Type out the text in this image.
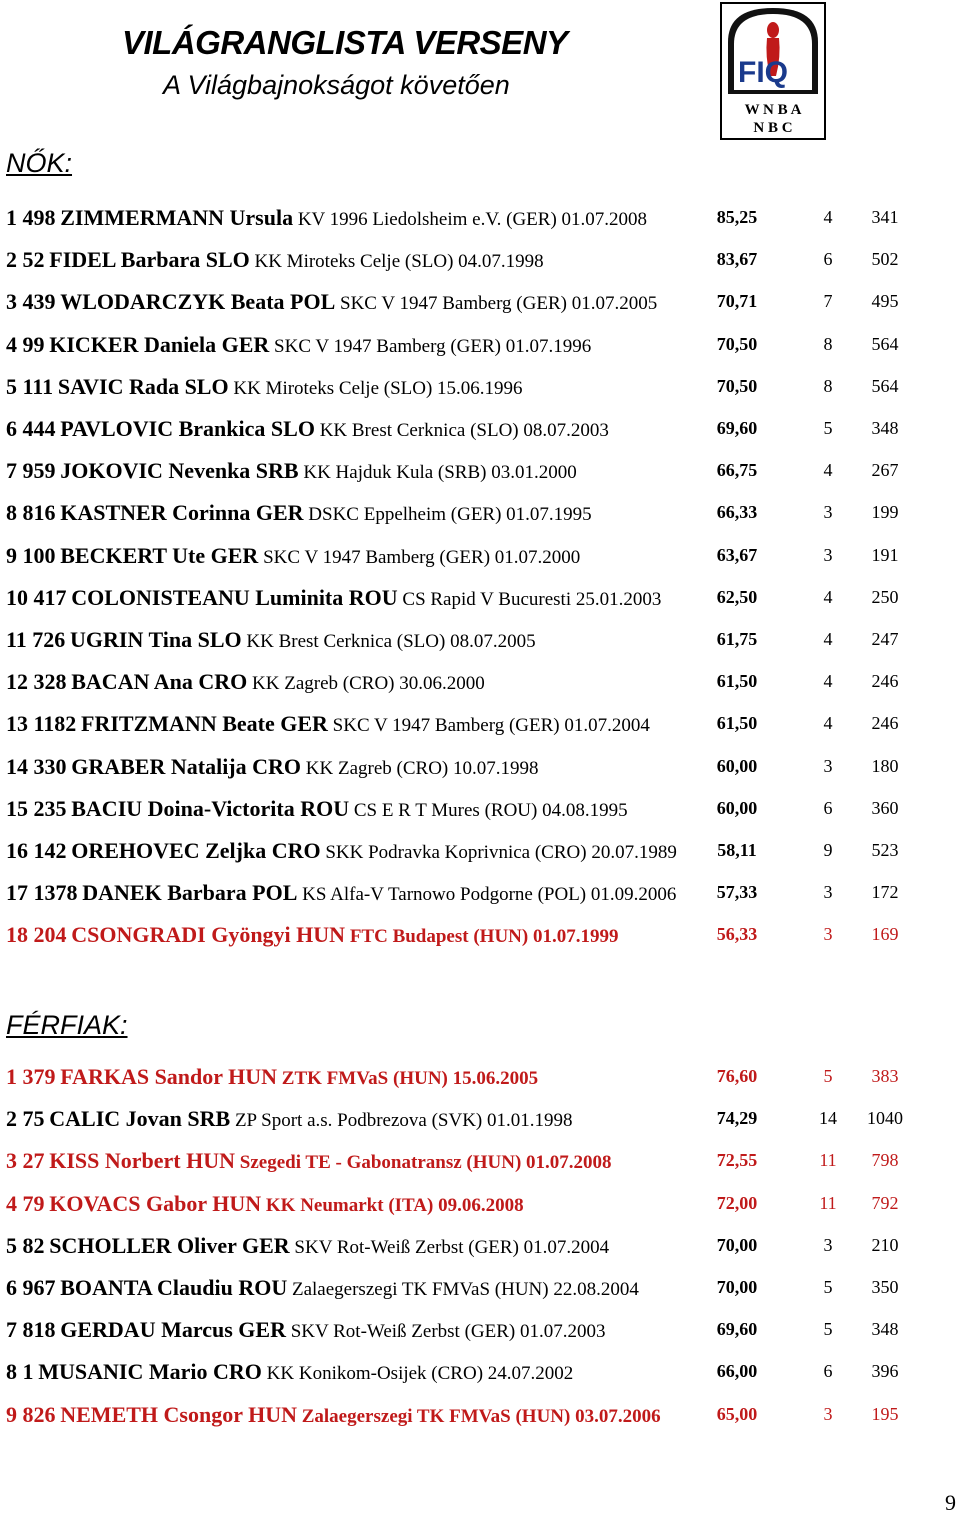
VILÁGRANGLISTA VERSENY
A Világbajnokságot követően	FIQ
W N B A
N B C
NŐK:
1 498 ZIMMERMANN Ursula KV 1996 Liedolsheim e.V. (GER) 01.07.2008	85,25	4 341
2 52 FIDEL Barbara SLO KK Miroteks Celje (SLO) 04.07.1998	83,67	6 502
3 439 WLODARCZYK Beata POL SKC V 1947 Bamberg (GER) 01.07.2005	70,71	7 495
4 99 KICKER Daniela GER SKC V 1947 Bamberg (GER) 01.07.1996	70,50	8 564
5 111 SAVIC Rada SLO KK Miroteks Celje (SLO) 15.06.1996	70,50	8 564
6 444 PAVLOVIC Brankica SLO KK Brest Cerknica (SLO) 08.07.2003	69,60	5 348
7 959 JOKOVIC Nevenka SRB KK Hajduk Kula (SRB) 03.01.2000	66,75	4 267
8 816 KASTNER Corinna GER DSKC Eppelheim (GER) 01.07.1995	66,33	3 199
9 100 BECKERT Ute GER SKC V 1947 Bamberg (GER) 01.07.2000	63,67	3 191
10 417 COLONISTEANU Luminita ROU CS Rapid V Bucuresti 25.01.2003	62,50	4 250
11 726 UGRIN Tina SLO KK Brest Cerknica (SLO) 08.07.2005	61,75	4 247
12 328 BACAN Ana CRO KK Zagreb (CRO) 30.06.2000	61,50	4 246
13 1182 FRITZMANN Beate GER SKC V 1947 Bamberg (GER) 01.07.2004	61,50	4 246
14 330 GRABER Natalija CRO KK Zagreb (CRO) 10.07.1998	60,00	3 180
15 235 BACIU Doina-Victorita ROU CS E R T Mures (ROU) 04.08.1995	60,00	6 360
16 142 OREHOVEC Zeljka CRO SKK Podravka Koprivnica (CRO) 20.07.1989 58,11	9 523
17 1378 DANEK Barbara POL KS Alfa-V Tarnowo Podgorne (POL) 01.09.2006 57,33	3 172
18 204 CSONGRADI Gyöngyi HUN FTC Budapest (HUN) 01.07.1999	56,33	3 169
FÉRFIAK:
1 379 FARKAS Sandor HUN ZTK FMVaS (HUN) 15.06.2005	76,60	5 383
2 75 CALIC Jovan SRB ZP Sport a.s. Podbrezova (SVK) 01.01.1998	74,29	14 1040
3 27 KISS Norbert HUN Szegedi TE - Gabonatransz (HUN) 01.07.2008	72,55	11 798
4 79 KOVACS Gabor HUN KK Neumarkt (ITA) 09.06.2008	72,00	11 792
5 82 SCHOLLER Oliver GER SKV Rot-Weiß Zerbst (GER) 01.07.2004	70,00	3 210
6 967 BOANTA Claudiu ROU Zalaegerszegi TK FMVaS (HUN) 22.08.2004	70,00	5 350
7 818 GERDAU Marcus GER SKV Rot-Weiß Zerbst (GER) 01.07.2003	69,60	5 348
8 1 MUSANIC Mario CRO KK Konikom-Osijek (CRO) 24.07.2002	66,00	6 396
9 826 NEMETH Csongor HUN Zalaegerszegi TK FMVaS (HUN) 03.07.2006	65,00	3 195
9
